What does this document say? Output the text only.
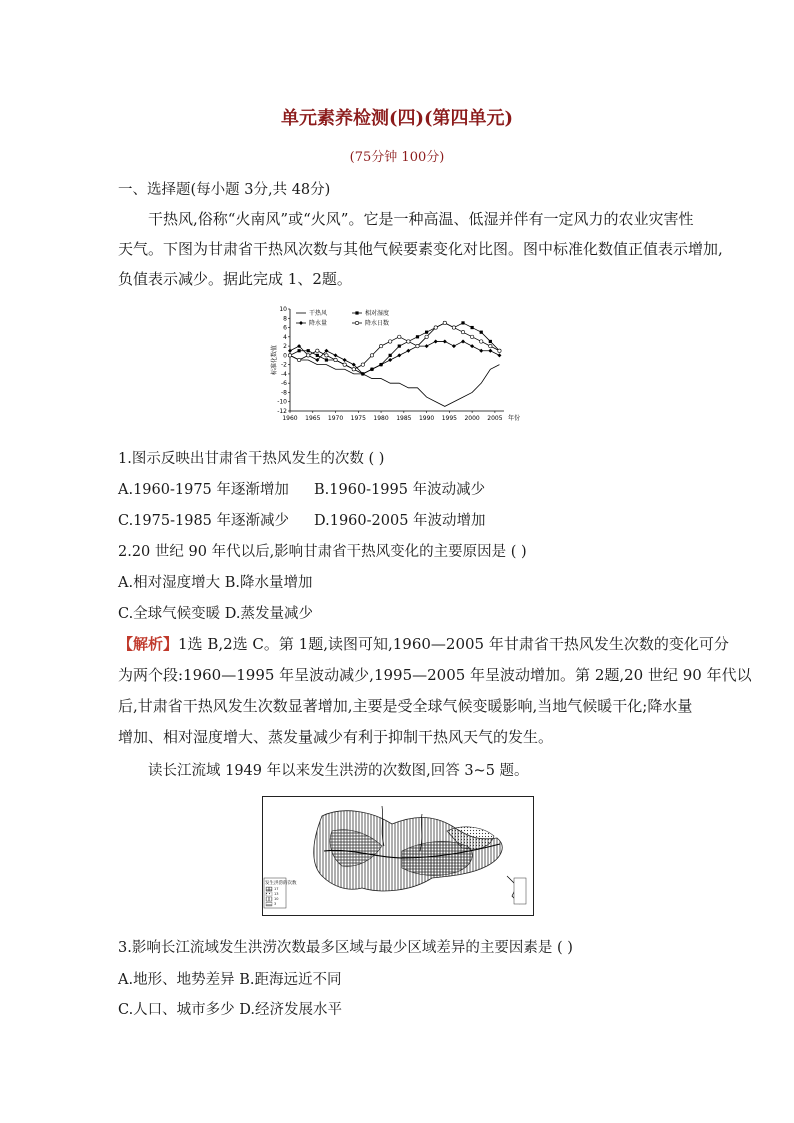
单元素养检测(四)(第四单元)
(75分钟 100分)
一、选择题(每小题 3分,共 48分)
干热风,俗称“火南风”或“火风”。它是一种高温、低湿并伴有一定风力的农业灾害性
天气。下图为甘肃省干热风次数与其他气候要素变化对比图。图中标准化数值正值表示增加,
负值表示减少。据此完成 1、2题。
10
8
6
4
2
0
-2
-4
-6
-8
-10
-12
1960 1965 1970 1975 1980 1985 1990 1995 2000 2005 年份
标准化数值
干热风	相对湿度
降水量	降水日数
1.图示反映出甘肃省干热风发生的次数 ( )
A.1960-1975 年逐渐增加 B.1960-1995 年波动减少
C.1975-1985 年逐渐减少 D.1960-2005 年波动增加
2.20 世纪 90 年代以后,影响甘肃省干热风变化的主要原因是 ( )
A.相对湿度增大 B.降水量增加
C.全球气候变暖 D.蒸发量减少
【解析】1选 B,2选 C。第 1题,读图可知,1960—2005 年甘肃省干热风发生次数的变化可分
为两个段:1960—1995 年呈波动减少,1995—2005 年呈波动增加。第 2题,20 世纪 90 年代以
后,甘肃省干热风发生次数显著增加,主要是受全球气候变暖影响,当地气候暖干化;降水量
增加、相对湿度增大、蒸发量减少有利于抑制干热风天气的发生。
读长江流域 1949 年以来发生洪涝的次数图,回答 3~5 题。
发生洪涝的次数
17
13
10
3
3.影响长江流域发生洪涝次数最多区域与最少区域差异的主要因素是 ( )
A.地形、地势差异 B.距海远近不同
C.人口、城市多少 D.经济发展水平
